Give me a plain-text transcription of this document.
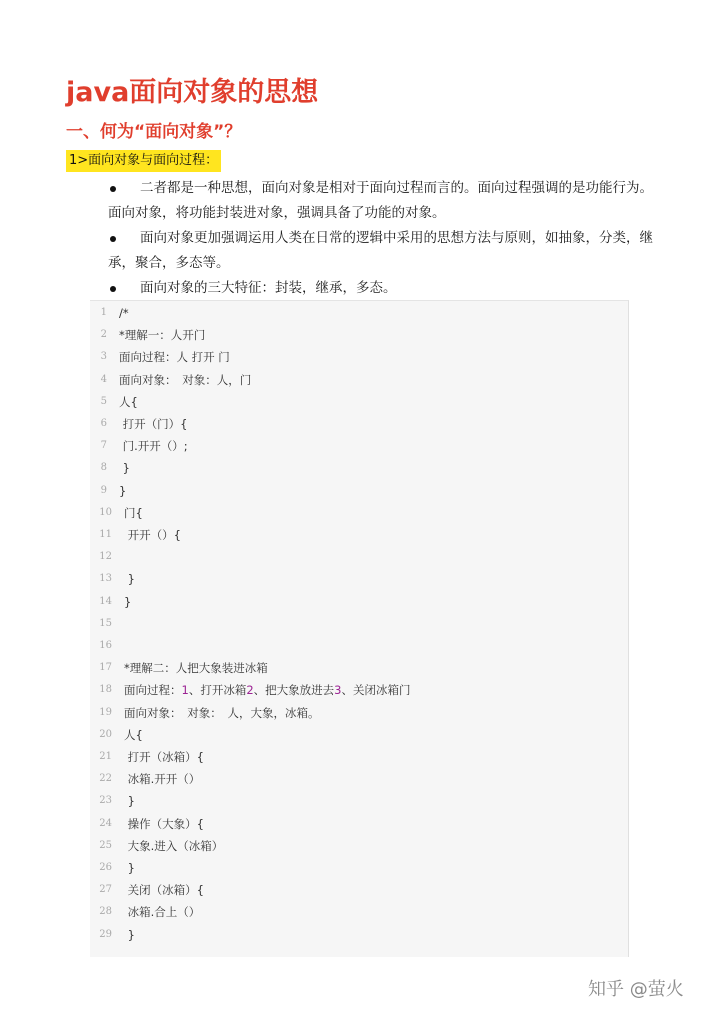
java面向对象的思想
一、何为“面向对象”？
1>面向对象与面向过程：
二者都是一种思想，面向对象是相对于面向过程而言的。面向过程强调的是功能行为。面向对象，将功能封装进对象，强调具备了功能的对象。
面向对象更加强调运用人类在日常的逻辑中采用的思想方法与原则，如抽象，分类，继承，聚合，多态等。
面向对象的三大特征：封装，继承，多态。
1 /*
2 *理解一：人开门
3 面向过程：人 打开 门
4 面向对象：　对象：人，门
5 人{
6 打开（门）{
7 门.开开（）;
8 }
9 }
10 门{
11 开开（）{
12
13 }
14 }
15
16
17 *理解二：人把大象装进冰箱
18 面向过程：1、打开冰箱2、把大象放进去3、关闭冰箱门
19 面向对象：　对象：　人，大象，冰箱。
20 人{
21 打开（冰箱）{
22 冰箱.开开（）
23 }
24 操作（大象）{
25 大象.进入（冰箱）
26 }
27 关闭（冰箱）{
28 冰箱.合上（）
29 }
知乎 @萤火
